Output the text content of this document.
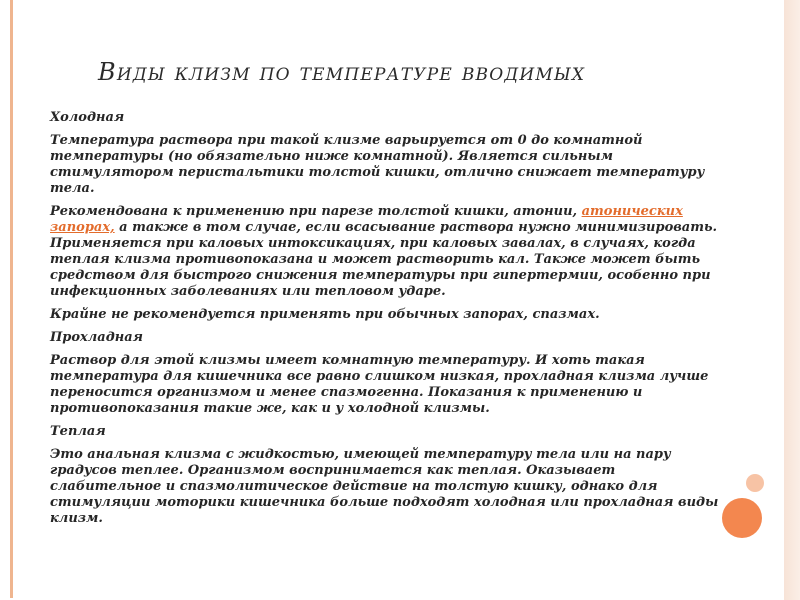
Виды клизм по температуре вводимых

Холодная

Температура раствора при такой клизме варьируется от 0 до комнатной температуры (но обязательно ниже комнатной). Является сильным стимулятором перистальтики толстой кишки, отлично снижает температуру тела.

Рекомендована к применению при парезе толстой кишки, атонии, атонических запорах, а также в том случае, если всасывание раствора нужно минимизировать. Применяется при каловых интоксикациях, при каловых завалах, в случаях, когда теплая клизма противопоказана и может растворить кал. Также может быть средством для быстрого снижения температуры при гипертермии, особенно при инфекционных заболеваниях или тепловом ударе.

Крайне не рекомендуется применять при обычных запорах, спазмах.

Прохладная

Раствор для этой клизмы имеет комнатную температуру. И хоть такая температура для кишечника все равно слишком низкая, прохладная клизма лучше переносится организмом и менее спазмогенна. Показания к применению и противопоказания такие же, как и у холодной клизмы.

Теплая

Это анальная клизма с жидкостью, имеющей температуру тела или на пару градусов теплее. Организмом воспринимается как теплая. Оказывает слабительное и спазмолитическое действие на толстую кишку, однако для стимуляции моторики кишечника больше подходят холодная или прохладная виды клизм.
